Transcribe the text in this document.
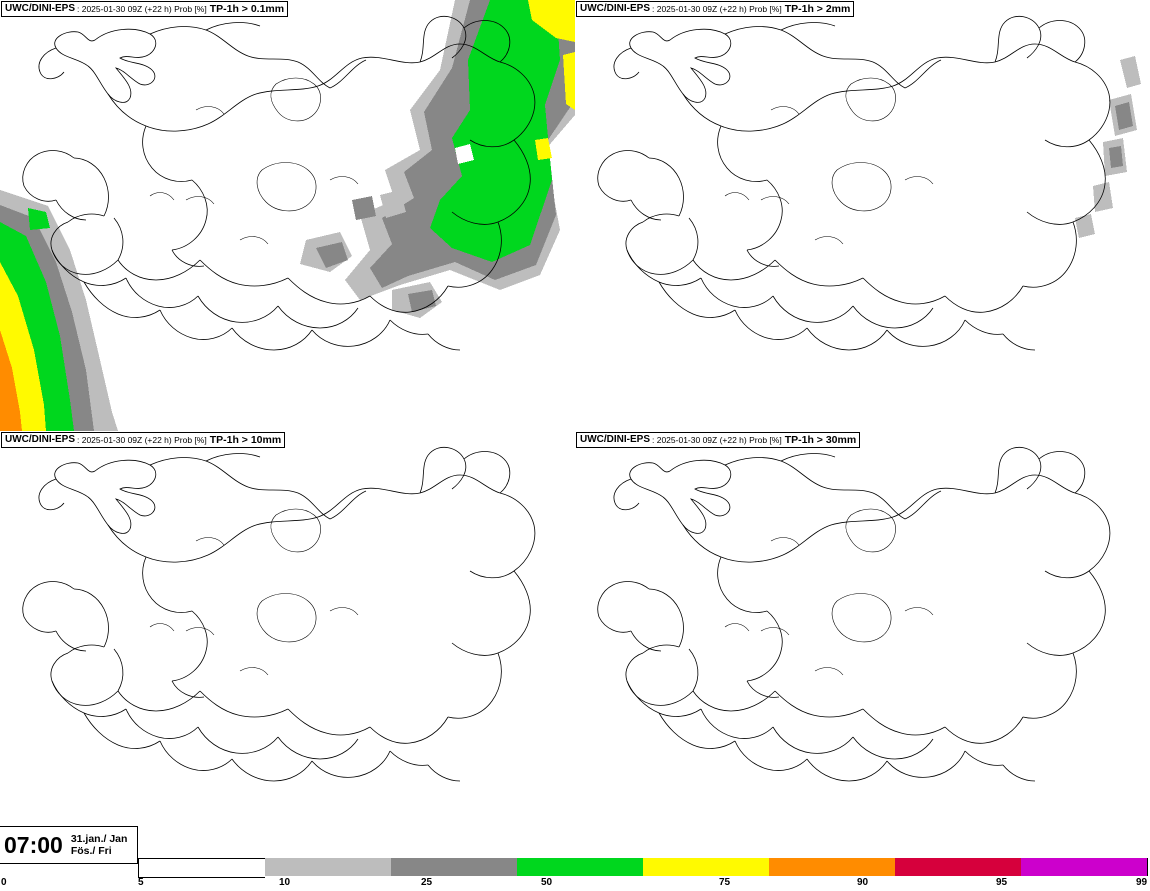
UWC/DINI-EPS : 2025-01-30 09Z (+22 h) Prob [%] TP-1h > 0.1mm	UWC/DINI-EPS : 2025-01-30 09Z (+22 h) Prob [%] TP-1h > 2mm
UWC/DINI-EPS : 2025-01-30 09Z (+22 h) Prob [%] TP-1h > 10mm	UWC/DINI-EPS : 2025-01-30 09Z (+22 h) Prob [%] TP-1h > 30mm
07:00 31.jan./ Jan
Fös./ Fri
0	5	10	25	50	75	90	95	99
